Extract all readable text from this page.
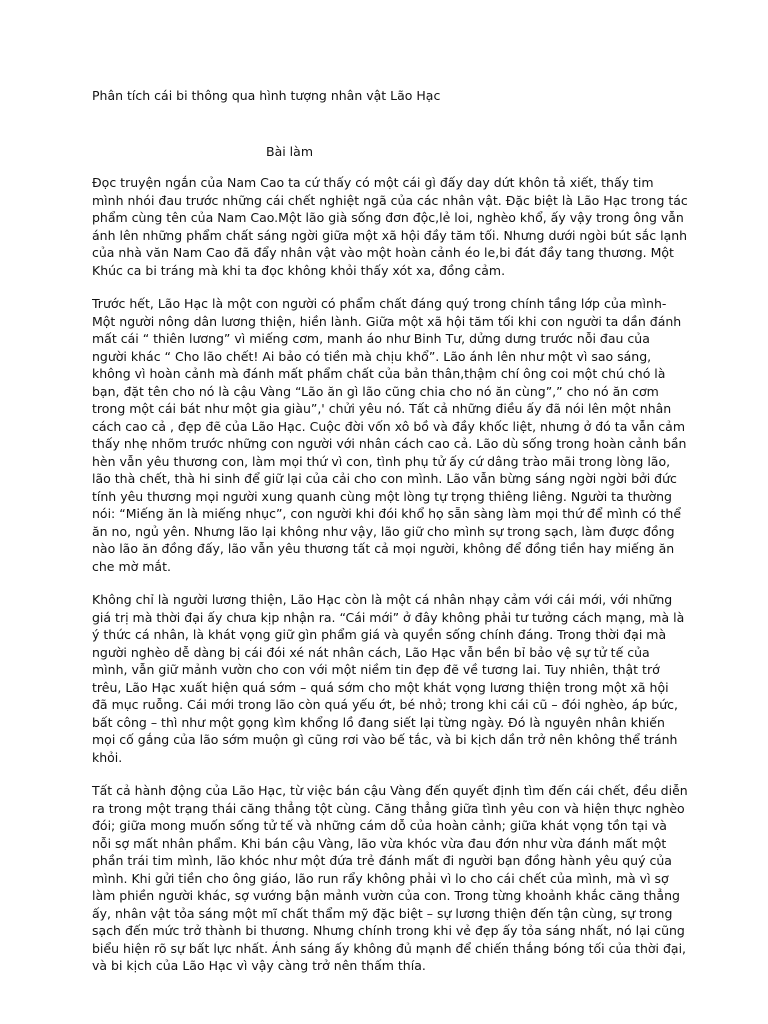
Phân tích cái bi thông qua hình tượng nhân vật Lão Hạc
Bài làm

Đọc truyện ngắn của Nam Cao ta cứ thấy có một cái gì đấy day dứt khôn tả xiết, thấy tim mình nhói đau trước những cái chết nghiệt ngã của các nhân vật. Đặc biệt là Lão Hạc trong tác phẩm cùng tên của Nam Cao.Một lão già sống đơn độc,lẻ loi, nghèo khổ, ấy vậy trong ông vẫn ánh lên những phẩm chất sáng ngời giữa một xã hội đầy tăm tối. Nhưng dưới ngòi bút sắc lạnh của nhà văn Nam Cao đã đẩy nhân vật vào một hoàn cảnh éo le,bi đát đầy tang thương. Một Khúc ca bi tráng mà khi ta đọc không khỏi thấy xót xa, đồng cảm.

Trước hết, Lão Hạc là một con người có phẩm chất đáng quý trong chính tầng lớp của mình- Một người nông dân lương thiện, hiền lành. Giữa một xã hội tăm tối khi con người ta dần đánh mất cái “ thiên lương” vì miếng cơm, manh áo như Binh Tư, dửng dưng trước nỗi đau của người khác “ Cho lão chết! Ai bảo có tiền mà chịu khổ”. Lão ánh lên như một vì sao sáng, không vì hoàn cảnh mà đánh mất phẩm chất của bản thân,thậm chí ông coi một chú chó là bạn, đặt tên cho nó là cậu Vàng “Lão ăn gì lão cũng chia cho nó ăn cùng”,” cho nó ăn cơm trong một cái bát như một gia giàu”,' chửi yêu nó. Tất cả những điều ấy đã nói lên một nhân cách cao cả , đẹp đẽ của Lão Hạc. Cuộc đời vốn xô bồ và đầy khốc liệt, nhưng ở đó ta vẫn cảm thấy nhẹ nhõm trước những con người với nhân cách cao cả. Lão dù sống trong hoàn cảnh bần hèn vẫn yêu thương con, làm mọi thứ vì con, tình phụ tử ấy cứ dâng trào mãi trong lòng lão, lão thà chết, thà hi sinh để giữ lại của cải cho con mình. Lão vẫn bừng sáng ngời ngời bởi đức tính yêu thương mọi người xung quanh cùng một lòng tự trọng thiêng liêng. Người ta thường nói: “Miếng ăn là miếng nhục”, con người khi đói khổ họ sẵn sàng làm mọi thứ để mình có thể ăn no, ngủ yên. Nhưng lão lại không như vậy, lão giữ cho mình sự trong sạch, làm được đồng nào lão ăn đồng đấy, lão vẫn yêu thương tất cả mọi người, không để đồng tiền hay miếng ăn che mờ mắt.

Không chỉ là người lương thiện, Lão Hạc còn là một cá nhân nhạy cảm với cái mới, với những giá trị mà thời đại ấy chưa kịp nhận ra. “Cái mới” ở đây không phải tư tưởng cách mạng, mà là ý thức cá nhân, là khát vọng giữ gìn phẩm giá và quyền sống chính đáng. Trong thời đại mà người nghèo dễ dàng bị cái đói xé nát nhân cách, Lão Hạc vẫn bền bỉ bảo vệ sự tử tế của mình, vẫn giữ mảnh vườn cho con với một niềm tin đẹp đẽ về tương lai. Tuy nhiên, thật trớ trêu, Lão Hạc xuất hiện quá sớm – quá sớm cho một khát vọng lương thiện trong một xã hội đã mục ruỗng. Cái mới trong lão còn quá yếu ớt, bé nhỏ; trong khi cái cũ – đói nghèo, áp bức, bất công – thì như một gọng kìm khổng lồ đang siết lại từng ngày. Đó là nguyên nhân khiến mọi cố gắng của lão sớm muộn gì cũng rơi vào bế tắc, và bi kịch dần trở nên không thể tránh khỏi.

Tất cả hành động của Lão Hạc, từ việc bán cậu Vàng đến quyết định tìm đến cái chết, đều diễn ra trong một trạng thái căng thẳng tột cùng. Căng thẳng giữa tình yêu con và hiện thực nghèo đói; giữa mong muốn sống tử tế và những cám dỗ của hoàn cảnh; giữa khát vọng tồn tại và nỗi sợ mất nhân phẩm. Khi bán cậu Vàng, lão vừa khóc vừa đau đớn như vừa đánh mất một phần trái tim mình, lão khóc như một đứa trẻ đánh mất đi người bạn đồng hành yêu quý của mình. Khi gửi tiền cho ông giáo, lão run rẩy không phải vì lo cho cái chết của mình, mà vì sợ làm phiền người khác, sợ vướng bận mảnh vườn của con. Trong từng khoảnh khắc căng thẳng ấy, nhân vật tỏa sáng một mĩ chất thẩm mỹ đặc biệt – sự lương thiện đến tận cùng, sự trong sạch đến mức trở thành bi thương. Nhưng chính trong khi vẻ đẹp ấy tỏa sáng nhất, nó lại cũng biểu hiện rõ sự bất lực nhất. Ánh sáng ấy không đủ mạnh để chiến thắng bóng tối của thời đại, và bi kịch của Lão Hạc vì vậy càng trở nên thấm thía.
